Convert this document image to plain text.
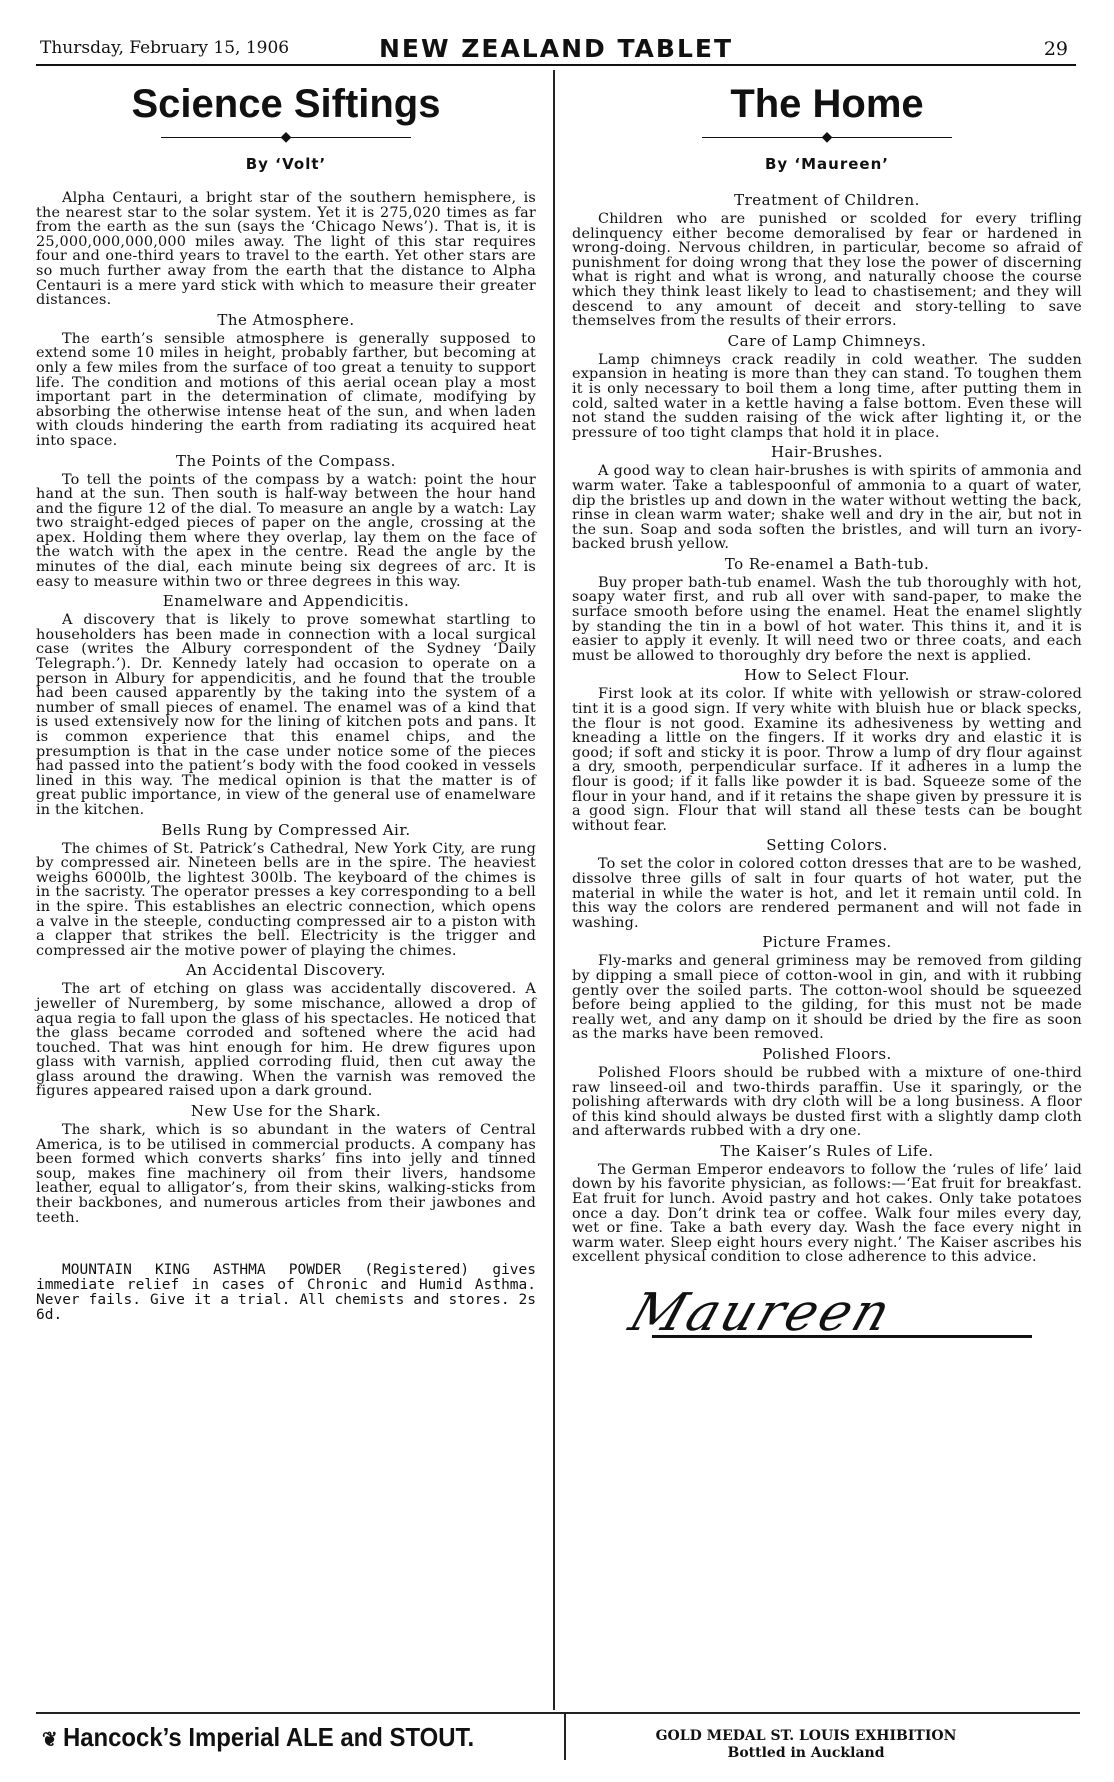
Thursday, February 15, 1906	NEW ZEALAND TABLET	29
Science Siftings
◆
By ‘Volt’

Alpha Centauri, a bright star of the southern hemisphere, is the nearest star to the solar system. Yet it is 275,020 times as far from the earth as the sun (says the ‘Chicago News’). That is, it is 25,000,000,000,000 miles away. The light of this star requires four and one-third years to travel to the earth. Yet other stars are so much further away from the earth that the distance to Alpha Centauri is a mere yard stick with which to measure their greater distances.

The Atmosphere.

The earth’s sensible atmosphere is generally supposed to extend some 10 miles in height, probably farther, but becoming at only a few miles from the surface of too great a tenuity to support life. The condition and motions of this aerial ocean play a most important part in the determination of climate, modifying by absorbing the otherwise intense heat of the sun, and when laden with clouds hindering the earth from radiating its acquired heat into space.

The Points of the Compass.

To tell the points of the compass by a watch: point the hour hand at the sun. Then south is half-way between the hour hand and the figure 12 of the dial. To measure an angle by a watch: Lay two straight-edged pieces of paper on the angle, crossing at the apex. Holding them where they overlap, lay them on the face of the watch with the apex in the centre. Read the angle by the minutes of the dial, each minute being six degrees of arc. It is easy to measure within two or three degrees in this way.

Enamelware and Appendicitis.

A discovery that is likely to prove somewhat startling to householders has been made in connection with a local surgical case (writes the Albury correspondent of the Sydney ‘Daily Telegraph.’). Dr. Kennedy lately had occasion to operate on a person in Albury for appendicitis, and he found that the trouble had been caused apparently by the taking into the system of a number of small pieces of enamel. The enamel was of a kind that is used extensively now for the lining of kitchen pots and pans. It is common experience that this enamel chips, and the presumption is that in the case under notice some of the pieces had passed into the patient’s body with the food cooked in vessels lined in this way. The medical opinion is that the matter is of great public importance, in view of the general use of enamelware in the kitchen.

Bells Rung by Compressed Air.

The chimes of St. Patrick’s Cathedral, New York City, are rung by compressed air. Nineteen bells are in the spire. The heaviest weighs 6000lb, the lightest 300lb. The keyboard of the chimes is in the sacristy. The operator presses a key corresponding to a bell in the spire. This establishes an electric connection, which opens a valve in the steeple, conducting compressed air to a piston with a clapper that strikes the bell. Electricity is the trigger and compressed air the motive power of playing the chimes.

An Accidental Discovery.

The art of etching on glass was accidentally discovered. A jeweller of Nuremberg, by some mischance, allowed a drop of aqua regia to fall upon the glass of his spectacles. He noticed that the glass became corroded and softened where the acid had touched. That was hint enough for him. He drew figures upon glass with varnish, applied corroding fluid, then cut away the glass around the drawing. When the varnish was removed the figures appeared raised upon a dark ground.

New Use for the Shark.

The shark, which is so abundant in the waters of Central America, is to be utilised in commercial products. A company has been formed which converts sharks’ fins into jelly and tinned soup, makes fine machinery oil from their livers, handsome leather, equal to alligator’s, from their skins, walking-sticks from their backbones, and numerous articles from their jawbones and teeth.

MOUNTAIN KING ASTHMA POWDER (Registered) gives immediate relief in cases of Chronic and Humid Asthma. Never fails. Give it a trial. All chemists and stores. 2s 6d.

The Home
◆
By ‘Maureen’
Treatment of Children.

Children who are punished or scolded for every trifling delinquency either become demoralised by fear or hardened in wrong-doing. Nervous children, in particular, become so afraid of punishment for doing wrong that they lose the power of discerning what is right and what is wrong, and naturally choose the course which they think least likely to lead to chastisement; and they will descend to any amount of deceit and story-telling to save themselves from the results of their errors.

Care of Lamp Chimneys.

Lamp chimneys crack readily in cold weather. The sudden expansion in heating is more than they can stand. To toughen them it is only necessary to boil them a long time, after putting them in cold, salted water in a kettle having a false bottom. Even these will not stand the sudden raising of the wick after lighting it, or the pressure of too tight clamps that hold it in place.

Hair-Brushes.

A good way to clean hair-brushes is with spirits of ammonia and warm water. Take a tablespoonful of ammonia to a quart of water, dip the bristles up and down in the water without wetting the back, rinse in clean warm water; shake well and dry in the air, but not in the sun. Soap and soda soften the bristles, and will turn an ivory-backed brush yellow.

To Re-enamel a Bath-tub.

Buy proper bath-tub enamel. Wash the tub thoroughly with hot, soapy water first, and rub all over with sand-paper, to make the surface smooth before using the enamel. Heat the enamel slightly by standing the tin in a bowl of hot water. This thins it, and it is easier to apply it evenly. It will need two or three coats, and each must be allowed to thoroughly dry before the next is applied.

How to Select Flour.

First look at its color. If white with yellowish or straw-colored tint it is a good sign. If very white with bluish hue or black specks, the flour is not good. Examine its adhesiveness by wetting and kneading a little on the fingers. If it works dry and elastic it is good; if soft and sticky it is poor. Throw a lump of dry flour against a dry, smooth, perpendicular surface. If it adheres in a lump the flour is good; if it falls like powder it is bad. Squeeze some of the flour in your hand, and if it retains the shape given by pressure it is a good sign. Flour that will stand all these tests can be bought without fear.

Setting Colors.

To set the color in colored cotton dresses that are to be washed, dissolve three gills of salt in four quarts of hot water, put the material in while the water is hot, and let it remain until cold. In this way the colors are rendered permanent and will not fade in washing.

Picture Frames.

Fly-marks and general griminess may be removed from gilding by dipping a small piece of cotton-wool in gin, and with it rubbing gently over the soiled parts. The cotton-wool should be squeezed before being applied to the gilding, for this must not be made really wet, and any damp on it should be dried by the fire as soon as the marks have been removed.

Polished Floors.

Polished Floors should be rubbed with a mixture of one-third raw linseed-oil and two-thirds paraffin. Use it sparingly, or the polishing afterwards with dry cloth will be a long business. A floor of this kind should always be dusted first with a slightly damp cloth and afterwards rubbed with a dry one.

The Kaiser’s Rules of Life.

The German Emperor endeavors to follow the ‘rules of life’ laid down by his favorite physician, as follows:—‘Eat fruit for breakfast. Eat fruit for lunch. Avoid pastry and hot cakes. Only take potatoes once a day. Don’t drink tea or coffee. Walk four miles every day, wet or fine. Take a bath every day. Wash the face every night in warm water. Sleep eight hours every night.’ The Kaiser ascribes his excellent physical condition to close adherence to this advice.

Maureen
❦ Hancock’s Imperial ALE and STOUT.	GOLD MEDAL ST. LOUIS EXHIBITION
Bottled in Auckland
